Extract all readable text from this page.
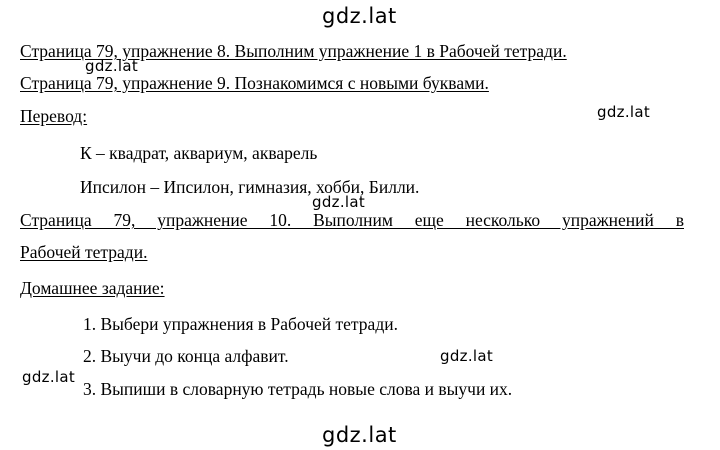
gdz.lat
Страница 79, упражнение 8. Выполним упражнение 1 в Рабочей тетради.
gdz.lat
Страница 79, упражнение 9. Познакомимся с новыми буквами.
Перевод:	gdz.lat
К – квадрат, аквариум, акварель
Ипсилон – Ипсилон, гимназия, хобби, Билли.
gdz.lat
Страница 79, упражнение 10. Выполним еще несколько упражнений в
Рабочей тетради.
Домашнее задание:
1. Выбери упражнения в Рабочей тетради.
2. Выучи до конца алфавит.	gdz.lat
gdz.lat
3. Выпиши в словарную тетрадь новые слова и выучи их.
gdz.lat
